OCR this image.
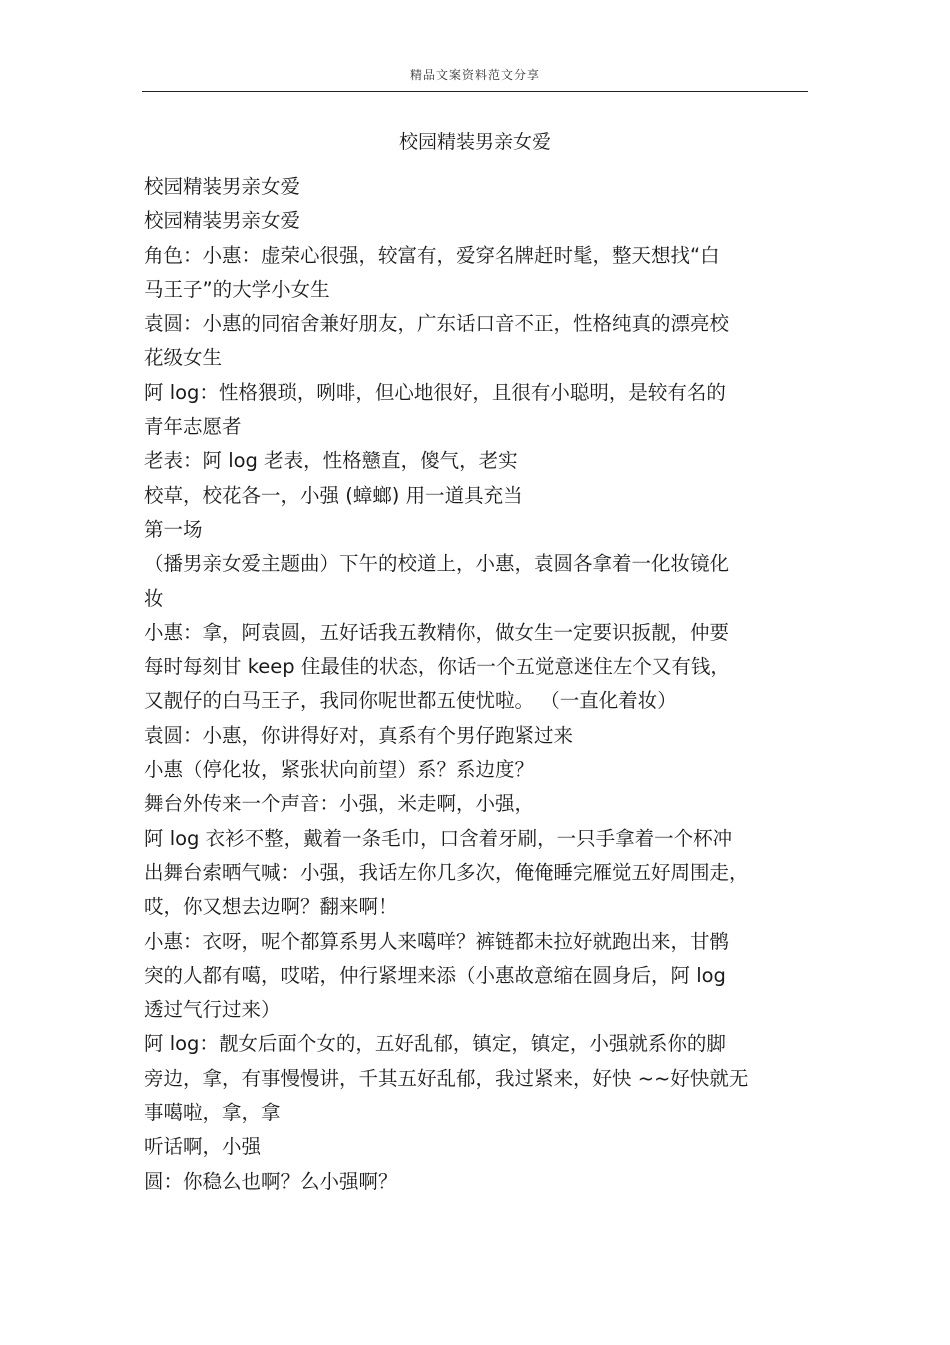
精品文案资料范文分享
校园精装男亲女爱
校园精装男亲女爱
校园精装男亲女爱
角色：小惠：虚荣心很强，较富有，爱穿名牌赶时髦，整天想找“白
马王子”的大学小女生
袁圆：小惠的同宿舍兼好朋友，广东话口音不正，性格纯真的漂亮校
花级女生
阿 log：性格猥琐，咧啡，但心地很好，且很有小聪明，是较有名的
青年志愿者
老表：阿 log 老表，性格戆直，傻气，老实
校草，校花各一，小强 (蟑螂) 用一道具充当
第一场
（播男亲女爱主题曲）下午的校道上，小惠，袁圆各拿着一化妆镜化
妆
小惠：拿，阿袁圆，五好话我五教精你，做女生一定要识扳靓，仲要
每时每刻甘 keep 住最佳的状态，你话一个五觉意迷住左个又有钱，
又靓仔的白马王子，我同你呢世都五使忧啦。 （一直化着妆）
袁圆：小惠，你讲得好对，真系有个男仔跑紧过来
小惠（停化妆，紧张状向前望）系？系边度？
舞台外传来一个声音：小强，米走啊，小强，
阿 log 衣衫不整，戴着一条毛巾，口含着牙刷，一只手拿着一个杯冲
出舞台索晒气喊：小强，我话左你几多次，俺俺睡完雁觉五好周围走，
哎，你又想去边啊？翻来啊！
小惠：衣呀，呢个都算系男人来噶咩？裤链都未拉好就跑出来，甘鹘
突的人都有噶，哎喏，仲行紧埋来添（小惠故意缩在圆身后，阿 log
透过气行过来）
阿 log：靓女后面个女的，五好乱郁，镇定，镇定，小强就系你的脚
旁边，拿，有事慢慢讲，千其五好乱郁，我过紧来，好快 ~~好快就无
事噶啦，拿，拿
听话啊，小强
圆：你稳么也啊？么小强啊？
